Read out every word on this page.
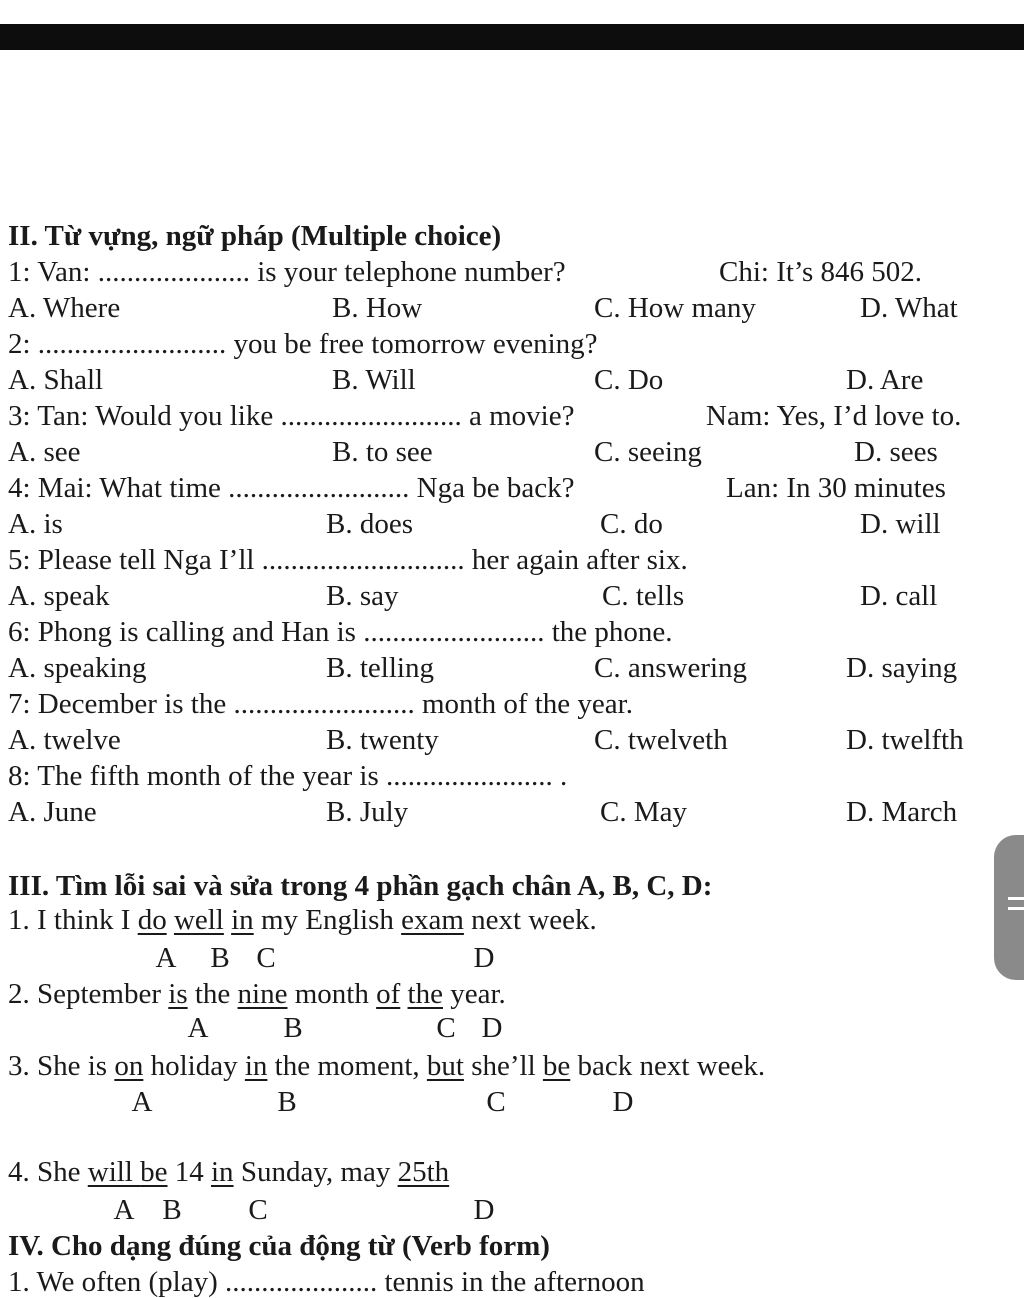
II. Từ vựng, ngữ pháp (Multiple choice)
1: Van: ..................... is your telephone number?	Chi: It’s 846 502.
A. Where	B. How	C. How many	D. What
2: .......................... you be free tomorrow evening?
A. Shall	B. Will	C. Do	D. Are
3: Tan: Would you like ......................... a movie?	Nam: Yes, I’d love to.
A. see	B. to see	C. seeing	D. sees
4: Mai: What time ......................... Nga be back?	Lan: In 30 minutes
A. is	B. does	C. do	D. will
5: Please tell Nga I’ll ............................ her again after six.
A. speak	B. say	C. tells	D. call
6: Phong is calling and Han is ......................... the phone.
A. speaking	B. telling	C. answering	D. saying
7: December is the ......................... month of the year.
A. twelve	B. twenty	C. twelveth	D. twelfth
8: The fifth month of the year is ....................... .
A. June	B. July	C. May	D. March
III. Tìm lỗi sai và sửa trong 4 phần gạch chân A, B, C, D:
1. I think I do well in my English exam next week.
A	B C	D
2. September is the nine month of the year.
A	B	C D
3. She is on holiday in the moment, but she’ll be back next week.
A	B	C	D
4. She will be 14 in Sunday, may 25th
A B	C	D
IV. Cho dạng đúng của động từ (Verb form)
1. We often (play) ..................... tennis in the afternoon
